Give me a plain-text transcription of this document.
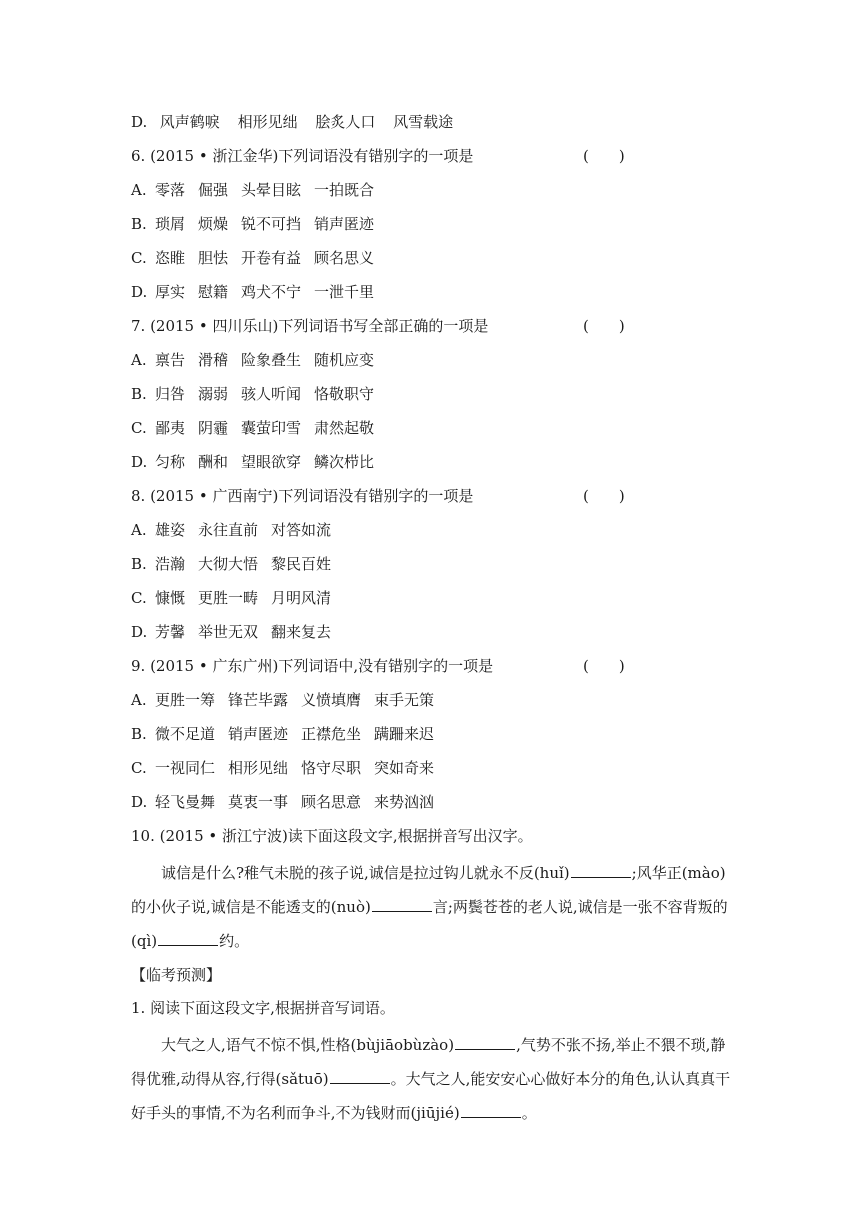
D. 风声鹤唳 相形见绌 脍炙人口 风雪载途
6. (2015 • 浙江金华)下列词语没有错别字的一项是	(　　)
A. 零落 倔强 头晕目眩 一拍既合
B. 琐屑 烦燥 锐不可挡 销声匿迹
C. 恣睢 胆怯 开卷有益 顾名思义
D. 厚实 慰籍 鸡犬不宁 一泄千里
7. (2015 • 四川乐山)下列词语书写全部正确的一项是	(　　)
A. 禀告 滑稽 险象叠生 随机应变
B. 归咎 溺弱 骇人听闻 恪敬职守
C. 鄙夷 阴霾 囊萤印雪 肃然起敬
D. 匀称 酬和 望眼欲穿 鳞次栉比
8. (2015 • 广西南宁)下列词语没有错别字的一项是	(　　)
A. 雄姿 永往直前 对答如流
B. 浩瀚 大彻大悟 黎民百姓
C. 慷慨 更胜一畴 月明风清
D. 芳馨 举世无双 翻来复去
9. (2015 • 广东广州)下列词语中,没有错别字的一项是	(　　)
A. 更胜一筹 锋芒毕露 义愤填膺 束手无策
B. 微不足道 销声匿迹 正襟危坐 蹒跚来迟
C. 一视同仁 相形见绌 恪守尽职 突如奇来
D. 轻飞曼舞 莫衷一事 顾名思意 来势汹汹
10. (2015 • 浙江宁波)读下面这段文字,根据拼音写出汉字。

诚信是什么?稚气未脱的孩子说,诚信是拉过钩儿就永不反(huǐ)	;风华正(mào)的小伙子说,诚信是不能透支的(nuò)	言;两鬓苍苍的老人说,诚信是一张不容背叛的(qì)	约。

【临考预测】
1. 阅读下面这段文字,根据拼音写词语。

大气之人,语气不惊不惧,性格(bùjiāobùzào)	,气势不张不扬,举止不猥不琐,静得优雅,动得从容,行得(sǎtuō)	。大气之人,能安安心心做好本分的角色,认认真真干好手头的事情,不为名利而争斗,不为钱财而(jiūjié)	。
